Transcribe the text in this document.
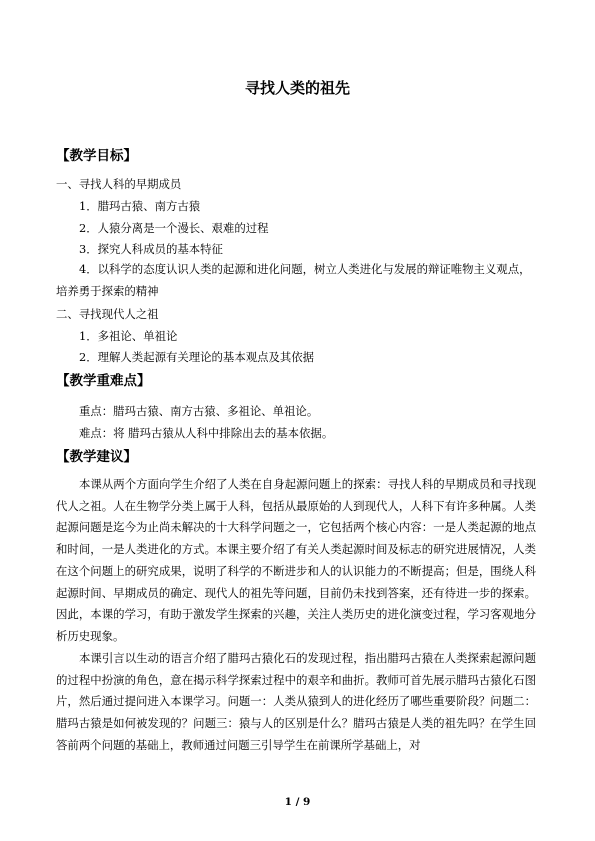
寻找人类的祖先
【教学目标】
一、寻找人科的早期成员
1．腊玛古猿、南方古猿
2．人猿分离是一个漫长、艰难的过程
3．探究人科成员的基本特征

4．以科学的态度认识人类的起源和进化问题，树立人类进化与发展的辩证唯物主义观点，培养勇于探索的精神

二、寻找现代人之祖
1．多祖论、单祖论
2．理解人类起源有关理论的基本观点及其依据
【教学重难点】
重点：腊玛古猿、南方古猿、多祖论、单祖论。
难点：将 腊玛古猿从人科中排除出去的基本依据。
【教学建议】

本课从两个方面向学生介绍了人类在自身起源问题上的探索：寻找人科的早期成员和寻找现代人之祖。人在生物学分类上属于人科，包括从最原始的人到现代人，人科下有许多种属。人类起源问题是迄今为止尚未解决的十大科学问题之一，它包括两个核心内容：一是人类起源的地点和时间，一是人类进化的方式。本课主要介绍了有关人类起源时间及标志的研究进展情况，人类在这个问题上的研究成果，说明了科学的不断进步和人的认识能力的不断提高；但是，围绕人科起源时间、早期成员的确定、现代人的祖先等问题，目前仍未找到答案，还有待进一步的探索。因此，本课的学习，有助于激发学生探索的兴趣，关注人类历史的进化演变过程，学习客观地分析历史现象。

本课引言以生动的语言介绍了腊玛古猿化石的发现过程，指出腊玛古猿在人类探索起源问题的过程中扮演的角色，意在揭示科学探索过程中的艰辛和曲折。教师可首先展示腊玛古猿化石图片，然后通过提问进入本课学习。问题一：人类从猿到人的进化经历了哪些重要阶段？问题二：腊玛古猿是如何被发现的？问题三：猿与人的区别是什么？腊玛古猿是人类的祖先吗？在学生回答前两个问题的基础上，教师通过问题三引导学生在前课所学基础上，对

1 / 9
